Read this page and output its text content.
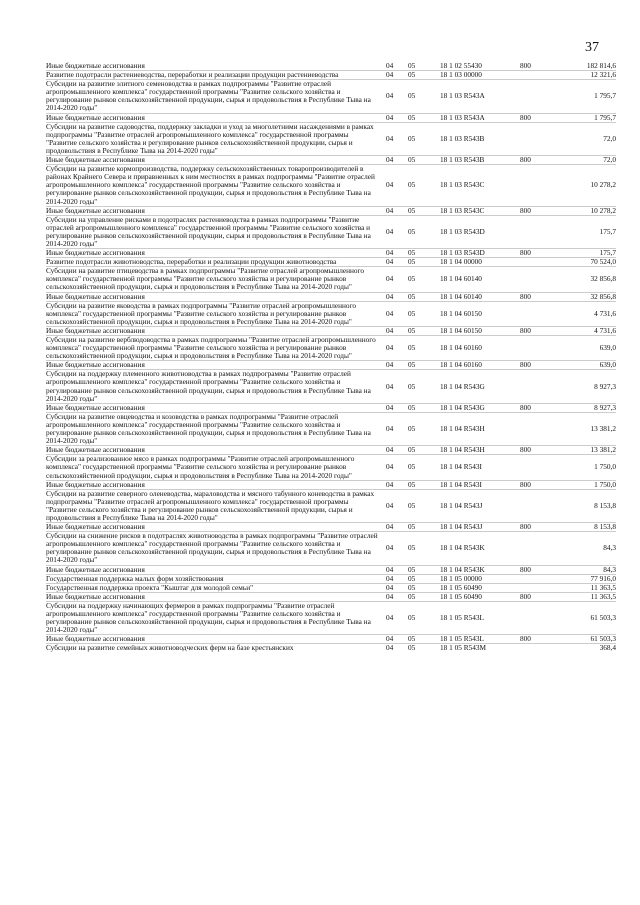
37
Иные бюджетные ассигнования	04	05	18 1 02 55430	800	182 814,6
Развитие подотрасли растениеводства, переработки и реализации продукции растениеводства	04	05	18 1 03 00000	12 321,6
Субсидии на развитие элитного семеноводства в рамках подпрограммы "Развитие отраслей агропромышленного комплекса" государственной программы "Развитие сельского хозяйства и регулирование рынков сельскохозяйственной продукции, сырья и продовольствия в Республике Тыва на 2014-2020 годы"
04	05	18 1 03 R543А	1 795,7
Иные бюджетные ассигнования	04	05	18 1 03 R543А	800	1 795,7
Субсидии на развитие садоводства, поддержку закладки и уход за многолетними насаждениями в рамках подпрограммы "Развитие отраслей агропромышленного комплекса" государственной программы "Развитие сельского хозяйства и регулирование рынков сельскохозяйственной продукции, сырья и продовольствия в Республике Тыва на 2014-2020 годы"
04	05	18 1 03 R543В	72,0
Иные бюджетные ассигнования	04	05	18 1 03 R543В	800	72,0
Субсидии на развитие кормопроизводства, поддержку сельскохозяйственных товаропроизводителей в районах Крайнего Севера и приравненных к ним местностях в рамках подпрограммы "Развитие отраслей агропромышленного комплекса" государственной программы "Развитие сельского хозяйства и регулирование рынков сельскохозяйственной продукции, сырья и продовольствия в Республике Тыва на 2014-2020 годы"
04	05	18 1 03 R543С	10 278,2
Иные бюджетные ассигнования	04	05	18 1 03 R543С	800	10 278,2
Субсидии на управление рисками в подотраслях растениеводства в рамках подпрограммы "Развитие отраслей агропромышленного комплекса" государственной программы "Развитие сельского хозяйства и регулирование рынков сельскохозяйственной продукции, сырья и продовольствия в Республике Тыва на 2014-2020 годы"
04	05	18 1 03 R543D	175,7
Иные бюджетные ассигнования	04	05	18 1 03 R543D	800	175,7
Развитие подотрасли животноводства, переработки и реализации продукции животноводства	04	05	18 1 04 00000	70 524,0
Субсидии на развитие птицеводства в рамках подпрограммы "Развитие отраслей агропромышленного комплекса" государственной программы "Развитие сельского хозяйства и регулирование рынков сельскохозяйственной продукции, сырья и продовольствия в Республике Тыва на 2014-2020 годы"
04	05	18 1 04 60140	32 856,8
Иные бюджетные ассигнования	04	05	18 1 04 60140	800	32 856,8
Субсидии на развитие яководства в рамках подпрограммы "Развитие отраслей агропромышленного комплекса" государственной программы "Развитие сельского хозяйства и регулирование рынков сельскохозяйственной продукции, сырья и продовольствия в Республике Тыва на 2014-2020 годы"
04	05	18 1 04 60150	4 731,6
Иные бюджетные ассигнования	04	05	18 1 04 60150	800	4 731,6
Субсидии на развитие верблюдоводства в рамках подпрограммы "Развитие отраслей агропромышленного комплекса" государственной программы "Развитие сельского хозяйства и регулирование рынков сельскохозяйственной продукции, сырья и продовольствия в Республике Тыва на 2014-2020 годы"
04	05	18 1 04 60160	639,0
Иные бюджетные ассигнования	04	05	18 1 04 60160	800	639,0
Субсидии на поддержку племенного животноводства в рамках подпрограммы "Развитие отраслей агропромышленного комплекса" государственной программы "Развитие сельского хозяйства и регулирование рынков сельскохозяйственной продукции, сырья и продовольствия в Республике Тыва на 2014-2020 годы"
04	05	18 1 04 R543G	8 927,3
Иные бюджетные ассигнования	04	05	18 1 04 R543G	800	8 927,3
Субсидии на развитие овцеводства и козоводства в рамках подпрограммы "Развитие отраслей агропромышленного комплекса" государственной программы "Развитие сельского хозяйства и регулирование рынков сельскохозяйственной продукции, сырья и продовольствия в Республике Тыва на 2014-2020 годы"
04	05	18 1 04 R543Н	13 381,2
Иные бюджетные ассигнования	04	05	18 1 04 R543Н	800	13 381,2
Субсидии за реализованное мясо в рамках подпрограммы "Развитие отраслей агропромышленного комплекса" государственной программы "Развитие сельского хозяйства и регулирование рынков сельскохозяйственной продукции, сырья и продовольствия в Республике Тыва на 2014-2020 годы"
04	05	18 1 04 R543I	1 750,0
Иные бюджетные ассигнования	04	05	18 1 04 R543I	800	1 750,0
Субсидии на развитие северного оленеводства, мараловодства и мясного табунного коневодства в рамках подпрограммы "Развитие отраслей агропромышленного комплекса" государственной программы "Развитие сельского хозяйства и регулирование рынков сельскохозяйственной продукции, сырья и продовольствия в Республике Тыва на 2014-2020 годы"
04	05	18 1 04 R543J	8 153,8
Иные бюджетные ассигнования	04	05	18 1 04 R543J	800	8 153,8
Субсидии на снижение рисков в подотраслях животноводства в рамках подпрограммы "Развитие отраслей агропромышленного комплекса" государственной программы "Развитие сельского хозяйства и регулирование рынков сельскохозяйственной продукции, сырья и продовольствия в Республике Тыва на 2014-2020 годы"
04	05	18 1 04 R543K	84,3
Иные бюджетные ассигнования	04	05	18 1 04 R543K	800	84,3
Государственная поддержка малых форм хозяйствования	04	05	18 1 05 00000	77 916,0
Государственная поддержка проекта "Кыштаг для молодой семьи"	04	05	18 1 05 60490	11 363,5
Иные бюджетные ассигнования	04	05	18 1 05 60490	800	11 363,5
Субсидии на поддержку начинающих фермеров в рамках подпрограммы "Развитие отраслей агропромышленного комплекса" государственной программы "Развитие сельского хозяйства и регулирование рынков сельскохозяйственной продукции, сырья и продовольствия в Республике Тыва на 2014-2020 годы"
04	05	18 1 05 R543L	61 503,3
Иные бюджетные ассигнования	04	05	18 1 05 R543L	800	61 503,3
Субсидии на развитие семейных животноводческих ферм на базе крестьянских	04	05	18 1 05 R543M	368,4
